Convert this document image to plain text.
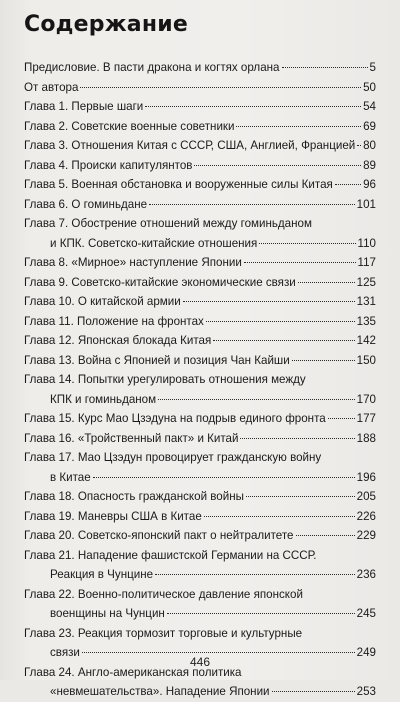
Содержание
Предисловие. В пасти дракона и когтях орлана	5
От автора	50
Глава 1. Первые шаги	54
Глава 2. Советские военные советники	69
Глава 3. Отношения Китая с СССР, США, Англией, Францией 80
Глава 4. Происки капитулянтов	89
Глава 5. Военная обстановка и вооруженные силы Китая	96
Глава 6. О гоминьдане	101
Глава 7. Обострение отношений между гоминьданом
и КПК. Советско-китайские отношения	110
Глава 8. «Мирное» наступление Японии	117
Глава 9. Советско-китайские экономические связи	125
Глава 10. О китайской армии	131
Глава 11. Положение на фронтах	135
Глава 12. Японская блокада Китая	142
Глава 13. Война с Японией и позиция Чан Кайши	150
Глава 14. Попытки урегулировать отношения между
КПК и гоминьданом	170
Глава 15. Курс Мао Цзэдуна на подрыв единого фронта	177
Глава 16. «Тройственный пакт» и Китай	188
Глава 17. Мао Цзэдун провоцирует гражданскую войну
в Китае	196
Глава 18. Опасность гражданской войны	205
Глава 19. Маневры США в Китае	226
Глава 20. Советско-японский пакт о нейтралитете	229
Глава 21. Нападение фашистской Германии на СССР.
Реакция в Чунцине	236
Глава 22. Военно-политическое давление японской
военщины на Чунцин	245
Глава 23. Реакция тормозит торговые и культурные
связи	249
Глава 24. Англо-американская политика
«невмешательства». Нападение Японии	253
446
